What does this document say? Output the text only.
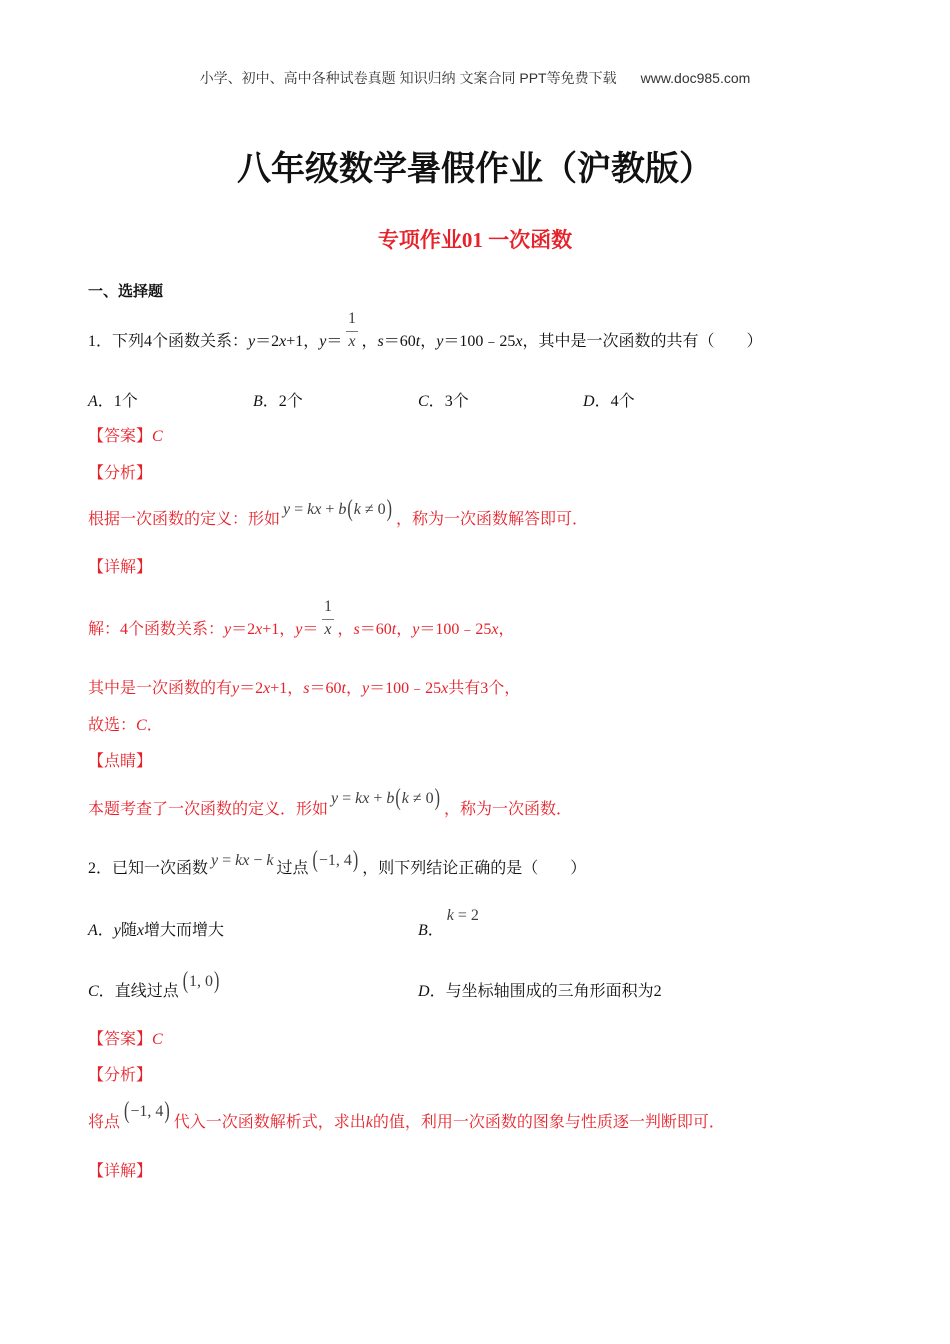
小学、初中、高中各种试卷真题 知识归纳 文案合同 PPT等免费下载 www.doc985.com
八年级数学暑假作业（沪教版）
专项作业01 一次函数
一、选择题
1．下列4个函数关系：y＝2x+1，$y= \frac{1}{x}$ ，s＝60t，y＝100﹣25x，其中是一次函数的共有（　　）
A．1个	B．2个	C．3个	D．4个
【答案】C
【分析】
根据一次函数的定义：形如y = kx + b(k ≠ 0) ，称为一次函数解答即可．
【详解】
解：4个函数关系：y＝2x+1，$y= \frac{1}{x}$ ，s＝60t，y＝100﹣25x，
其中是一次函数的有y＝2x+1，s＝60t，y＝100﹣25x共有3个，
故选：C．
【点睛】
本题考查了一次函数的定义．形如y = kx + b(k ≠ 0) ，称为一次函数．
2．已知一次函数 y = kx − k 过点 (−1, 4) ，则下列结论正确的是（　　）
A．y随x增大而增大	B．k = 2
C．直线过点 (1, 0)	D．与坐标轴围成的三角形面积为2
【答案】C
【分析】
将点 (−1, 4) 代入一次函数解析式，求出k的值，利用一次函数的图象与性质逐一判断即可．
【详解】
